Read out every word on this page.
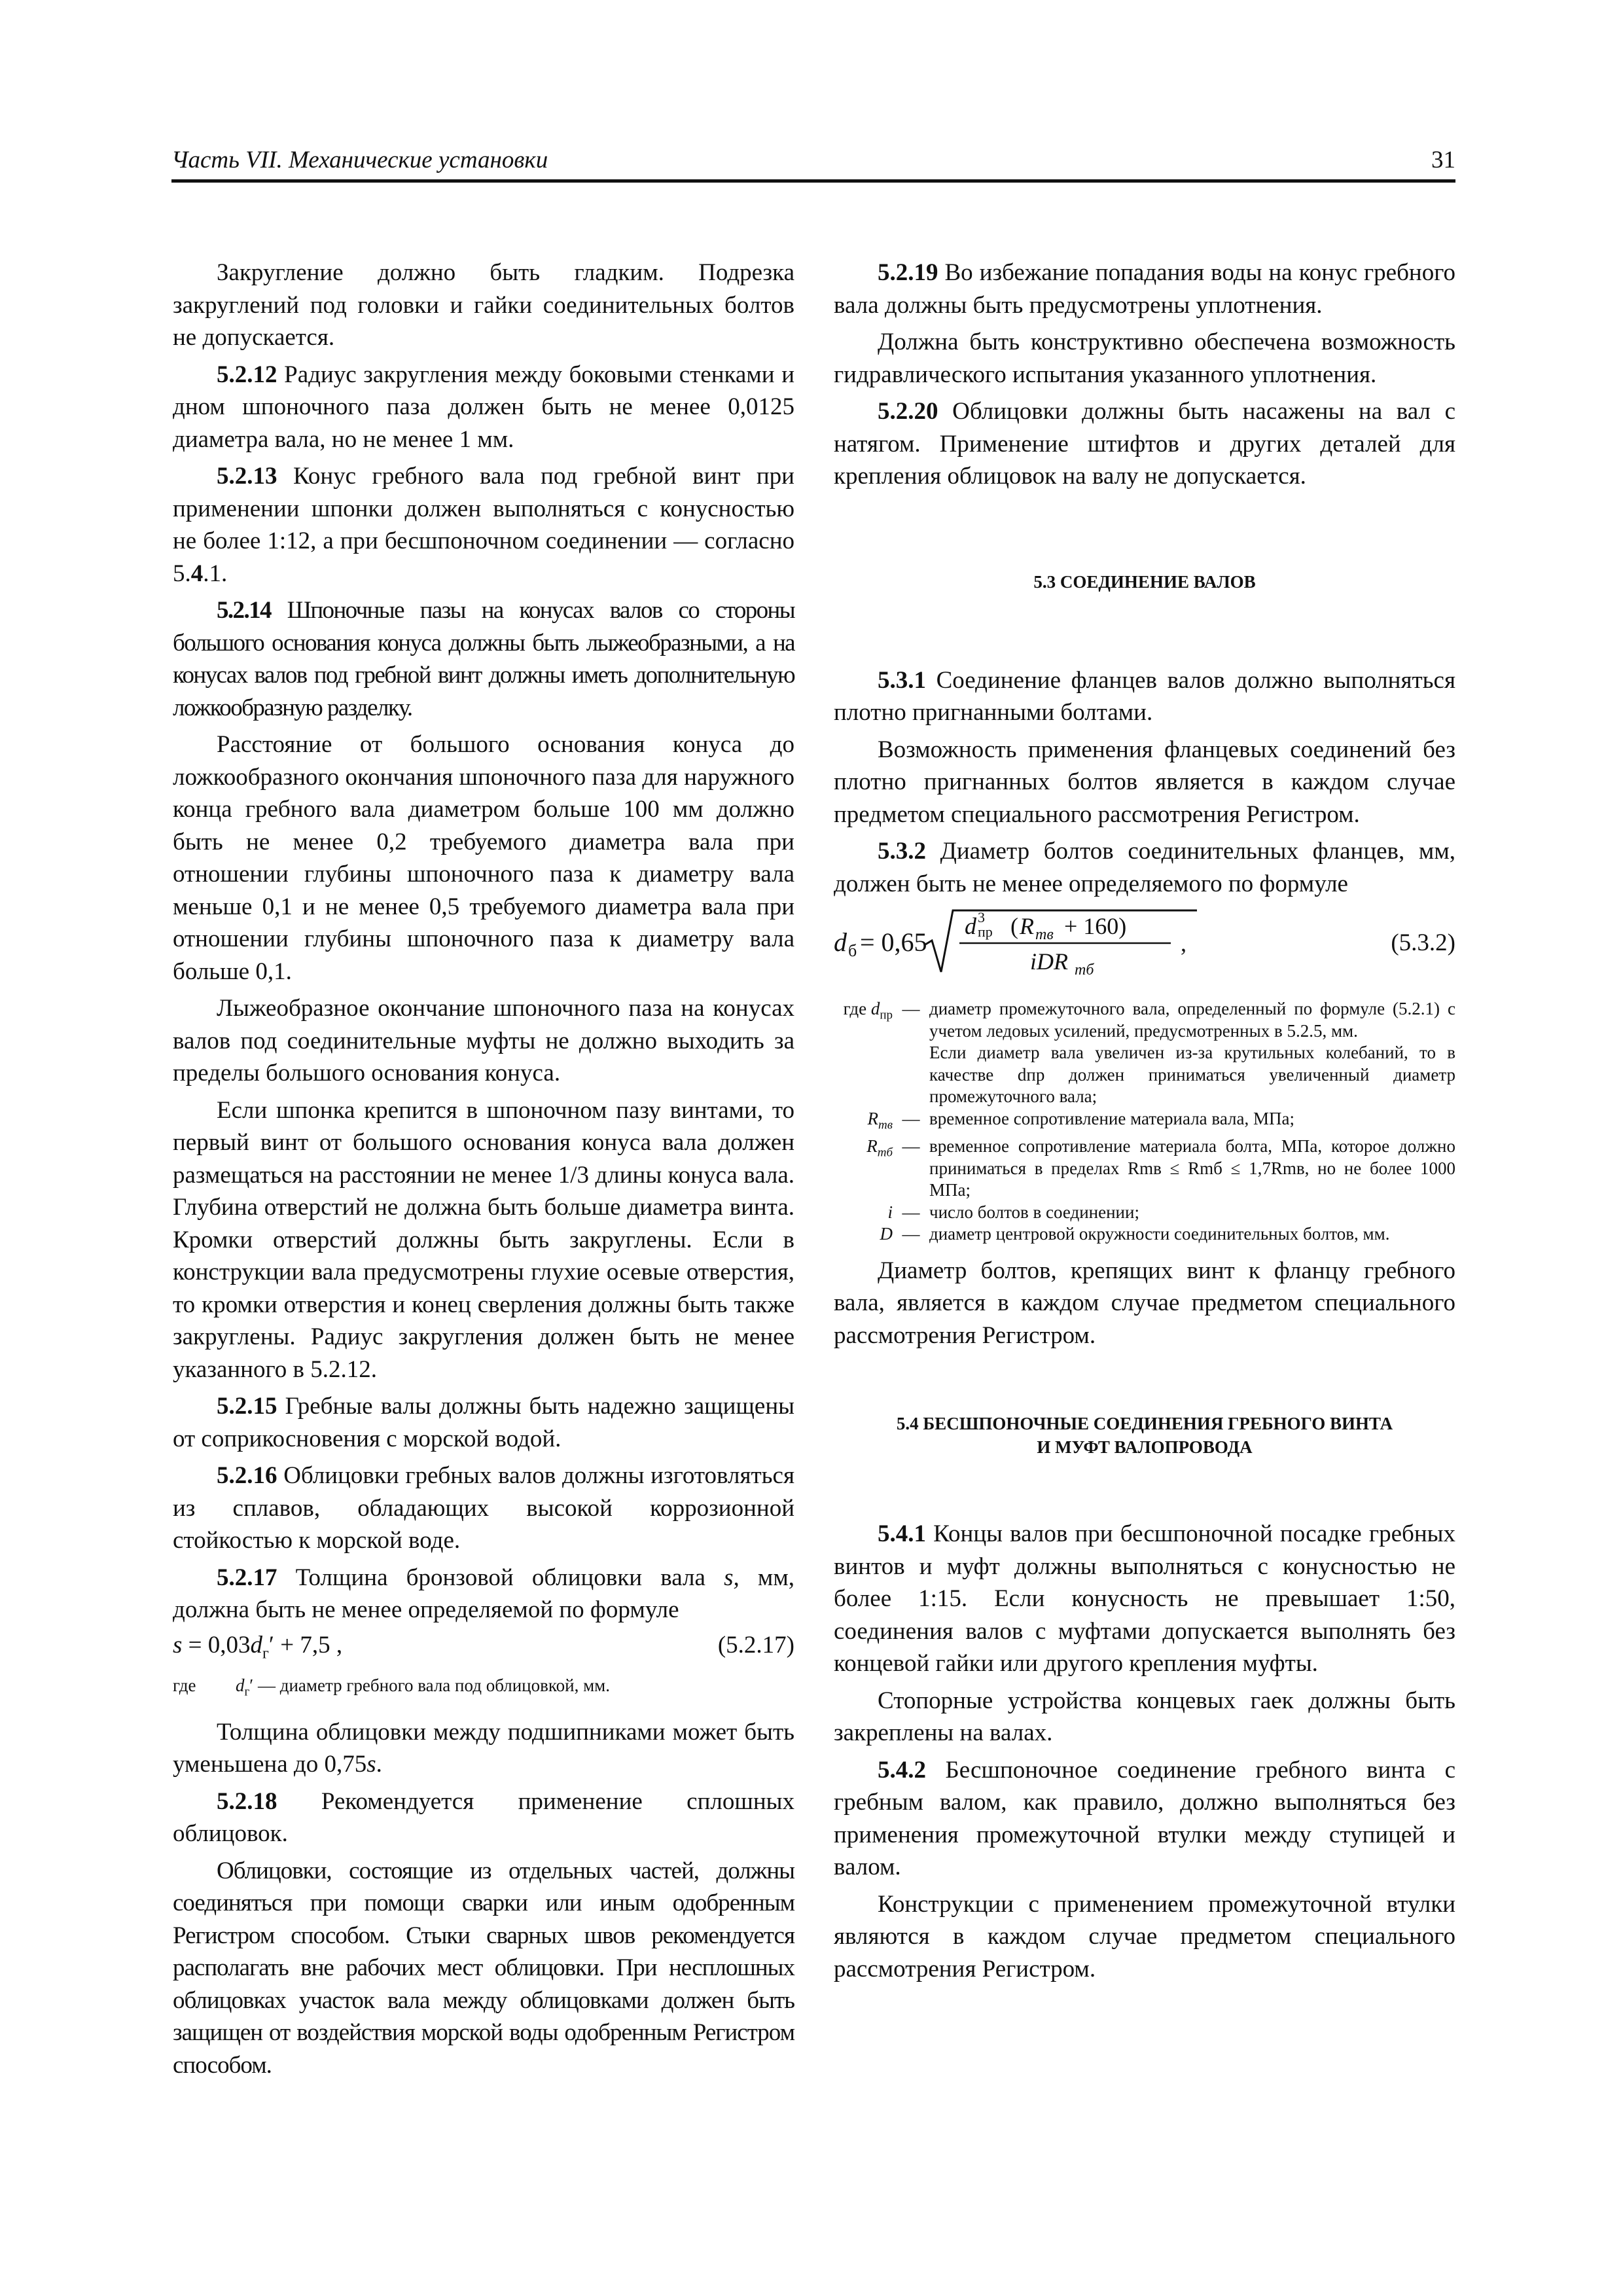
Часть VII. Механические установки	31

Закругление должно быть гладким. Подрезка закруглений под головки и гайки соединительных болтов не допускается.

5.2.12 Радиус закругления между боковыми стенками и дном шпоночного паза должен быть не менее 0,0125 диаметра вала, но не менее 1 мм.

5.2.13 Конус гребного вала под гребной винт при применении шпонки должен выполняться с конусностью не более 1:12, а при бесшпоночном соединении — согласно 5.4.1.

5.2.14 Шпоночные пазы на конусах валов со стороны большого основания конуса должны быть лыжеобразными, а на конусах валов под гребной винт должны иметь дополнительную ложкообразную разделку.

Расстояние от большого основания конуса до ложкообразного окончания шпоночного паза для наружного конца гребного вала диаметром больше 100 мм должно быть не менее 0,2 требуемого диаметра вала при отношении глубины шпоночного паза к диаметру вала меньше 0,1 и не менее 0,5 требуемого диаметра вала при отношении глубины шпоночного паза к диаметру вала больше 0,1.

Лыжеобразное окончание шпоночного паза на конусах валов под соединительные муфты не должно выходить за пределы большого основания конуса.

Если шпонка крепится в шпоночном пазу винтами, то первый винт от большого основания конуса вала должен размещаться на расстоянии не менее 1/3 длины конуса вала. Глубина отверстий не должна быть больше диаметра винта. Кромки отверстий должны быть закруглены. Если в конструкции вала предусмотрены глухие осевые отверстия, то кромки отверстия и конец сверления должны быть также закруглены. Радиус закругления должен быть не менее указанного в 5.2.12.

5.2.15 Гребные валы должны быть надежно защищены от соприкосновения с морской водой.

5.2.16 Облицовки гребных валов должны изготовляться из сплавов, обладающих высокой коррозионной стойкостью к морской воде.

5.2.17 Толщина бронзовой облицовки вала s, мм, должна быть не менее определяемой по формуле

$s = 0,03d_г' + 7,5$ ,	(5.2.17)
где	$d_г'$ — диаметр гребного вала под облицовкой, мм.

Толщина облицовки между подшипниками может быть уменьшена до 0,75s.

5.2.18 Рекомендуется применение сплошных облицовок.

Облицовки, состоящие из отдельных частей, должны соединяться при помощи сварки или иным одобренным Регистром способом. Стыки сварных швов рекомендуется располагать вне рабочих мест облицовки. При несплошных облицовках участок вала между облицовками должен быть защищен от воздействия морской воды одобренным Регистром способом.

5.2.19 Во избежание попадания воды на конус гребного вала должны быть предусмотрены уплотнения.

Должна быть конструктивно обеспечена возможность гидравлического испытания указанного уплотнения.

5.2.20 Облицовки должны быть насажены на вал с натягом. Применение штифтов и других деталей для крепления облицовок на валу не допускается.

5.3 СОЕДИНЕНИЕ ВАЛОВ

5.3.1 Соединение фланцев валов должно выполняться плотно пригнанными болтами.

Возможность применения фланцевых соединений без плотно пригнанных болтов является в каждом случае предметом специального рассмотрения Регистром.

5.3.2 Диаметр болтов соединительных фланцев, мм, должен быть не менее определяемого по формуле

d б = 0,65
d 3
пр ( R mв + 160)
iDR mб
,	(5.3.2)
где $d_{пр}$ — диаметр промежуточного вала, определенный по формуле (5.2.1) с учетом ледовых усилений, предусмотренных в 5.2.5, мм.
Если диаметр вала увеличен из-за крутильных колебаний, то в качестве dпр должен приниматься увеличенный диаметр промежуточного вала;
$R_{mв}$ — временное сопротивление материала вала, МПа;
$R_{mб}$ — временное сопротивление материала болта, МПа, которое должно приниматься в пределах Rmв ≤ Rmб ≤ 1,7Rmв, но не более 1000 МПа;
i — число болтов в соединении;
D — диаметр центровой окружности соединительных болтов, мм.

Диаметр болтов, крепящих винт к фланцу гребного вала, является в каждом случае предметом специального рассмотрения Регистром.

5.4 БЕСШПОНОЧНЫЕ СОЕДИНЕНИЯ ГРЕБНОГО ВИНТА

И МУФТ ВАЛОПРОВОДА

5.4.1 Концы валов при бесшпоночной посадке гребных винтов и муфт должны выполняться с конусностью не более 1:15. Если конусность не превышает 1:50, соединения валов с муфтами допускается выполнять без концевой гайки или другого крепления муфты.

Стопорные устройства концевых гаек должны быть закреплены на валах.

5.4.2 Бесшпоночное соединение гребного винта с гребным валом, как правило, должно выполняться без применения промежуточной втулки между ступицей и валом.

Конструкции с применением промежуточной втулки являются в каждом случае предметом специального рассмотрения Регистром.
